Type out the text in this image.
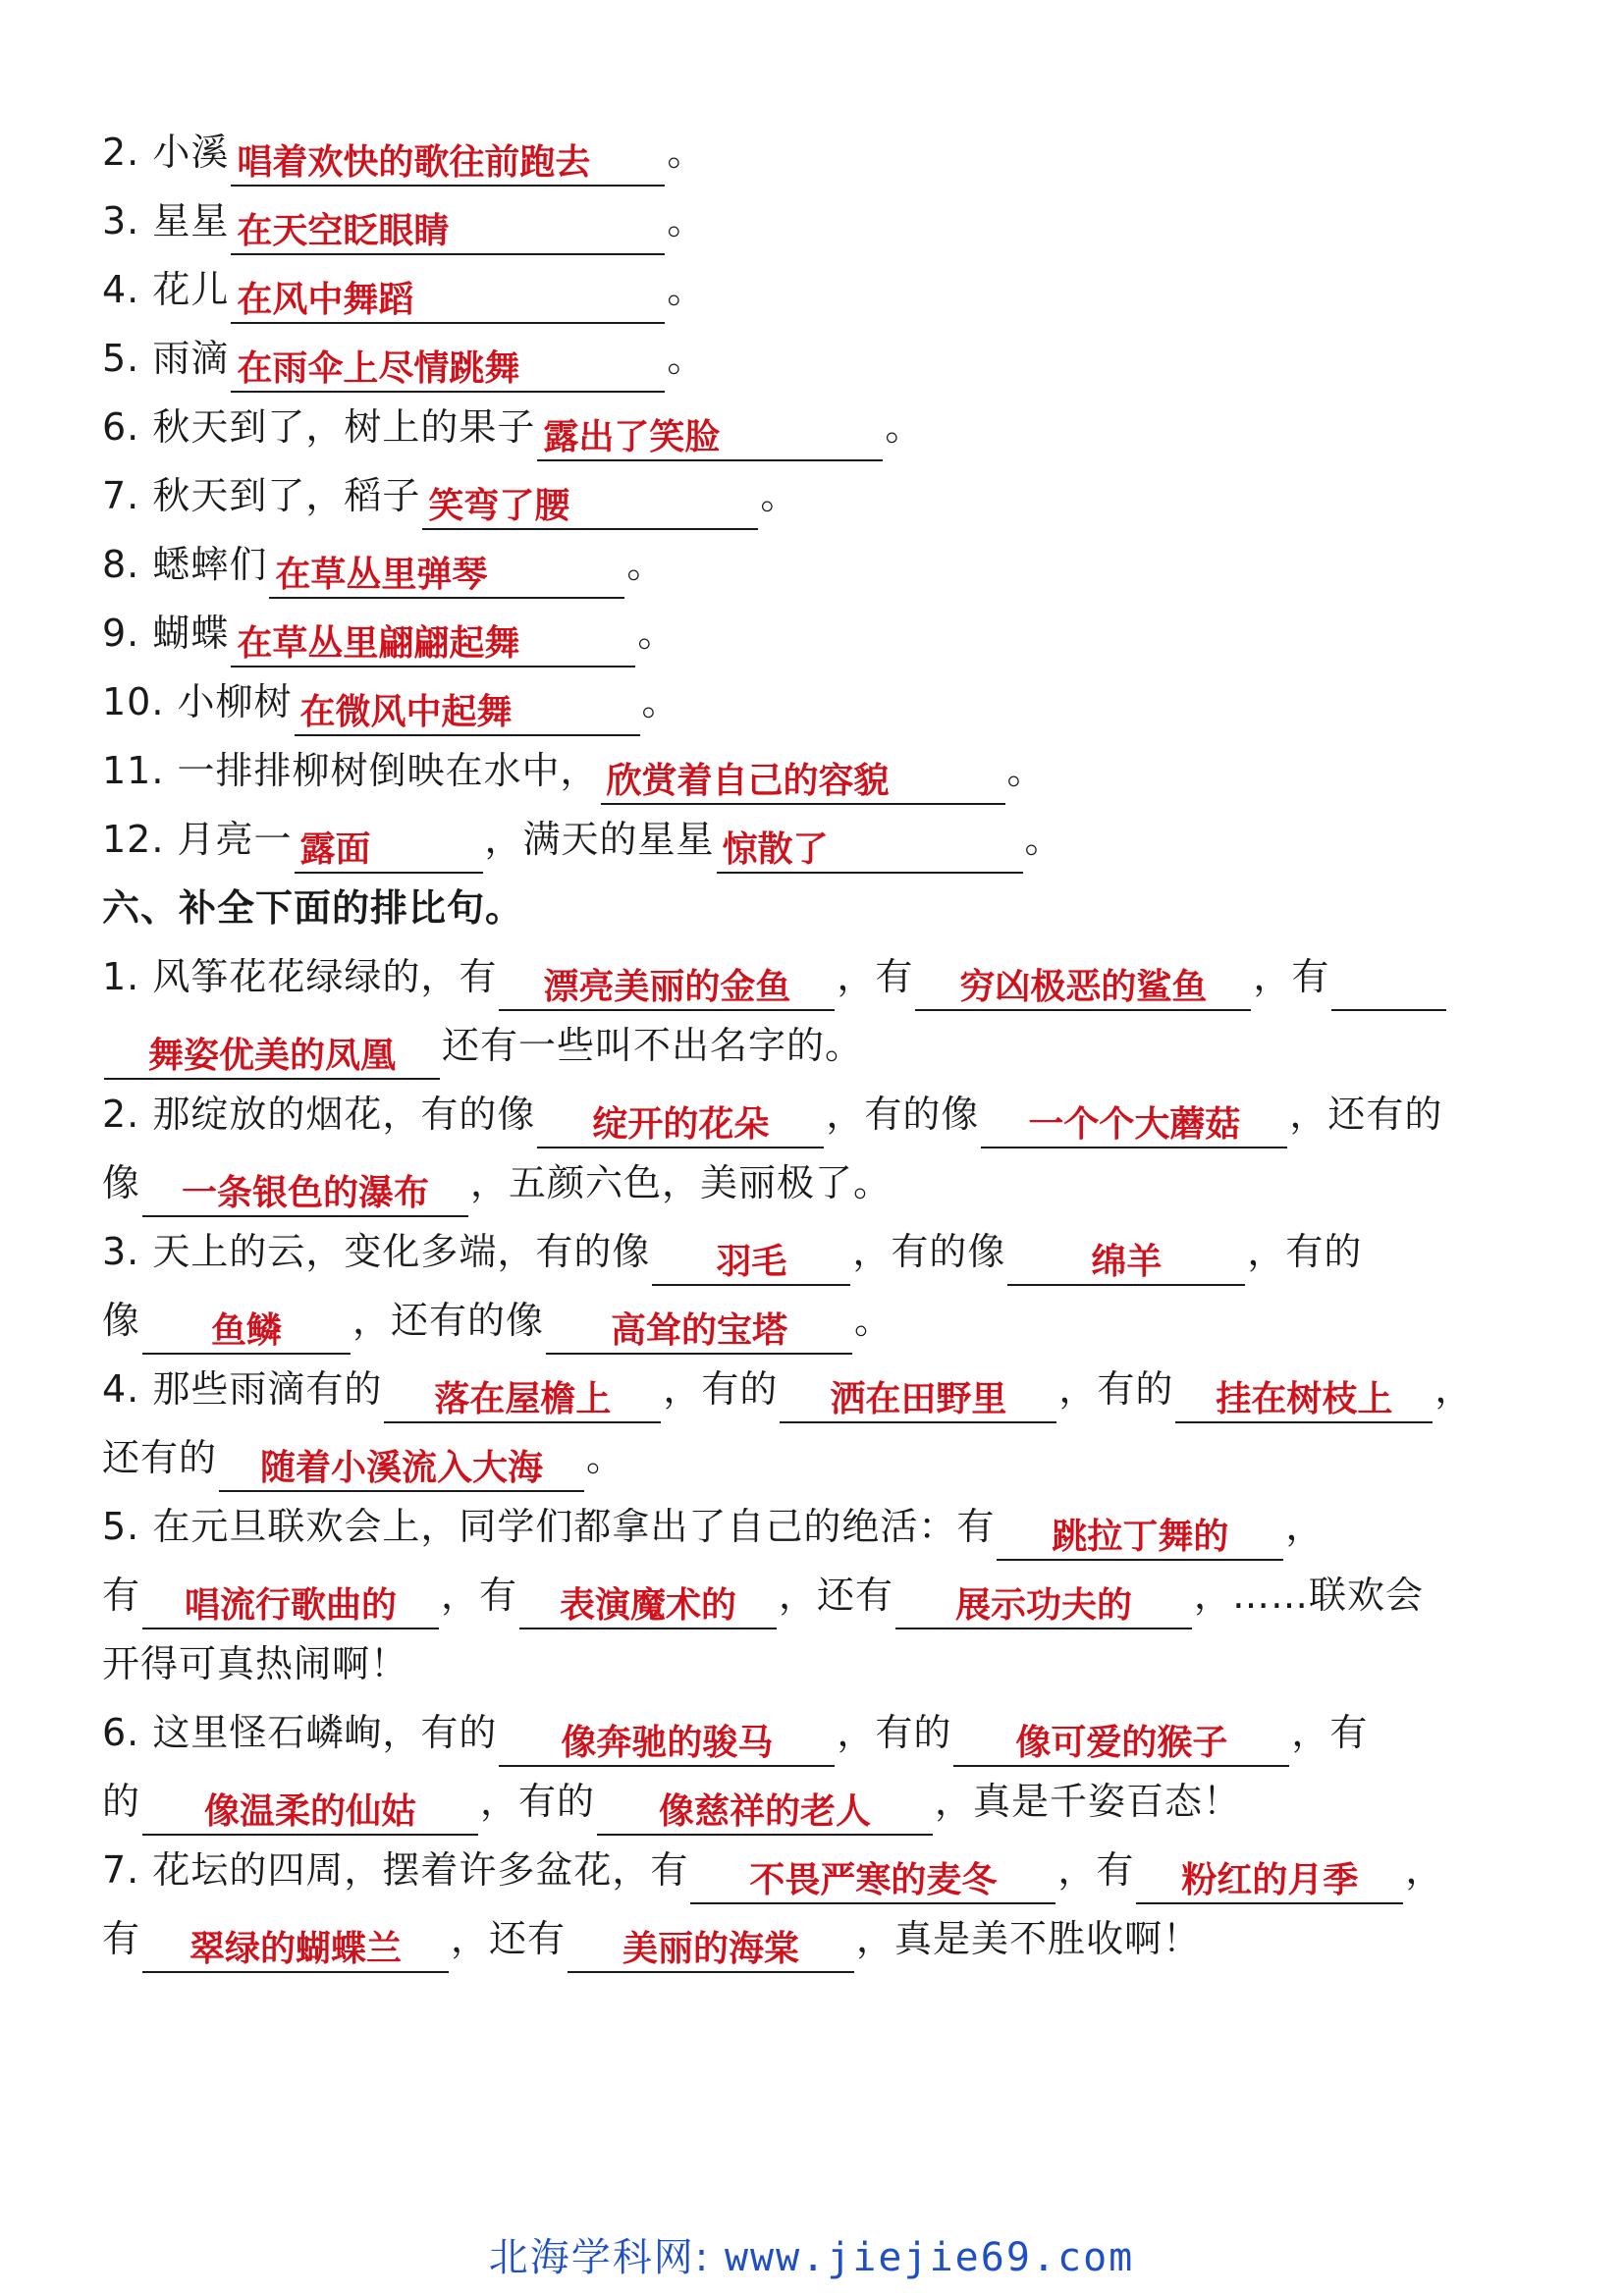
2. 小溪 唱着欢快的歌往前跑去 。
3. 星星 在天空眨眼睛	。
4. 花儿 在风中舞蹈	。
5. 雨滴 在雨伞上尽情跳舞	。
6. 秋天到了，树上的果子 露出了笑脸	。
7. 秋天到了，稻子 笑弯了腰	。
8. 蟋蟀们 在草丛里弹琴	。
9. 蝴蝶 在草丛里翩翩起舞	。
10. 小柳树 在微风中起舞	。
11. 一排排柳树倒映在水中， 欣赏着自己的容貌	。
12. 月亮一 露面	，满天的星星 惊散了	。
六、补全下面的排比句。
1. 风筝花花绿绿的，有 漂亮美丽的金鱼 ，有 穷凶极恶的鲨鱼 ，有
舞姿优美的凤凰 还有一些叫不出名字的。
2. 那绽放的烟花，有的像 绽开的花朵 ，有的像 一个个大蘑菇 ，还有的
像 一条银色的瀑布 ，五颜六色，美丽极了。
3. 天上的云，变化多端，有的像 羽毛 ，有的像 绵羊 ，有的
像 鱼鳞 ，还有的像 高耸的宝塔 。
4. 那些雨滴有的 落在屋檐上 ，有的 洒在田野里 ，有的 挂在树枝上 ，
还有的 随着小溪流入大海 。
5. 在元旦联欢会上，同学们都拿出了自己的绝活：有 跳拉丁舞的 ，
有 唱流行歌曲的 ，有 表演魔术的 ，还有 展示功夫的 ，……联欢会
开得可真热闹啊！
6. 这里怪石嶙峋，有的 像奔驰的骏马 ，有的 像可爱的猴子 ，有
的 像温柔的仙姑 ，有的 像慈祥的老人 ，真是千姿百态！
7. 花坛的四周，摆着许多盆花，有 不畏严寒的麦冬 ，有 粉红的月季 ，
有 翠绿的蝴蝶兰 ，还有 美丽的海棠 ，真是美不胜收啊！
北海学科网: www.jiejie69.com
